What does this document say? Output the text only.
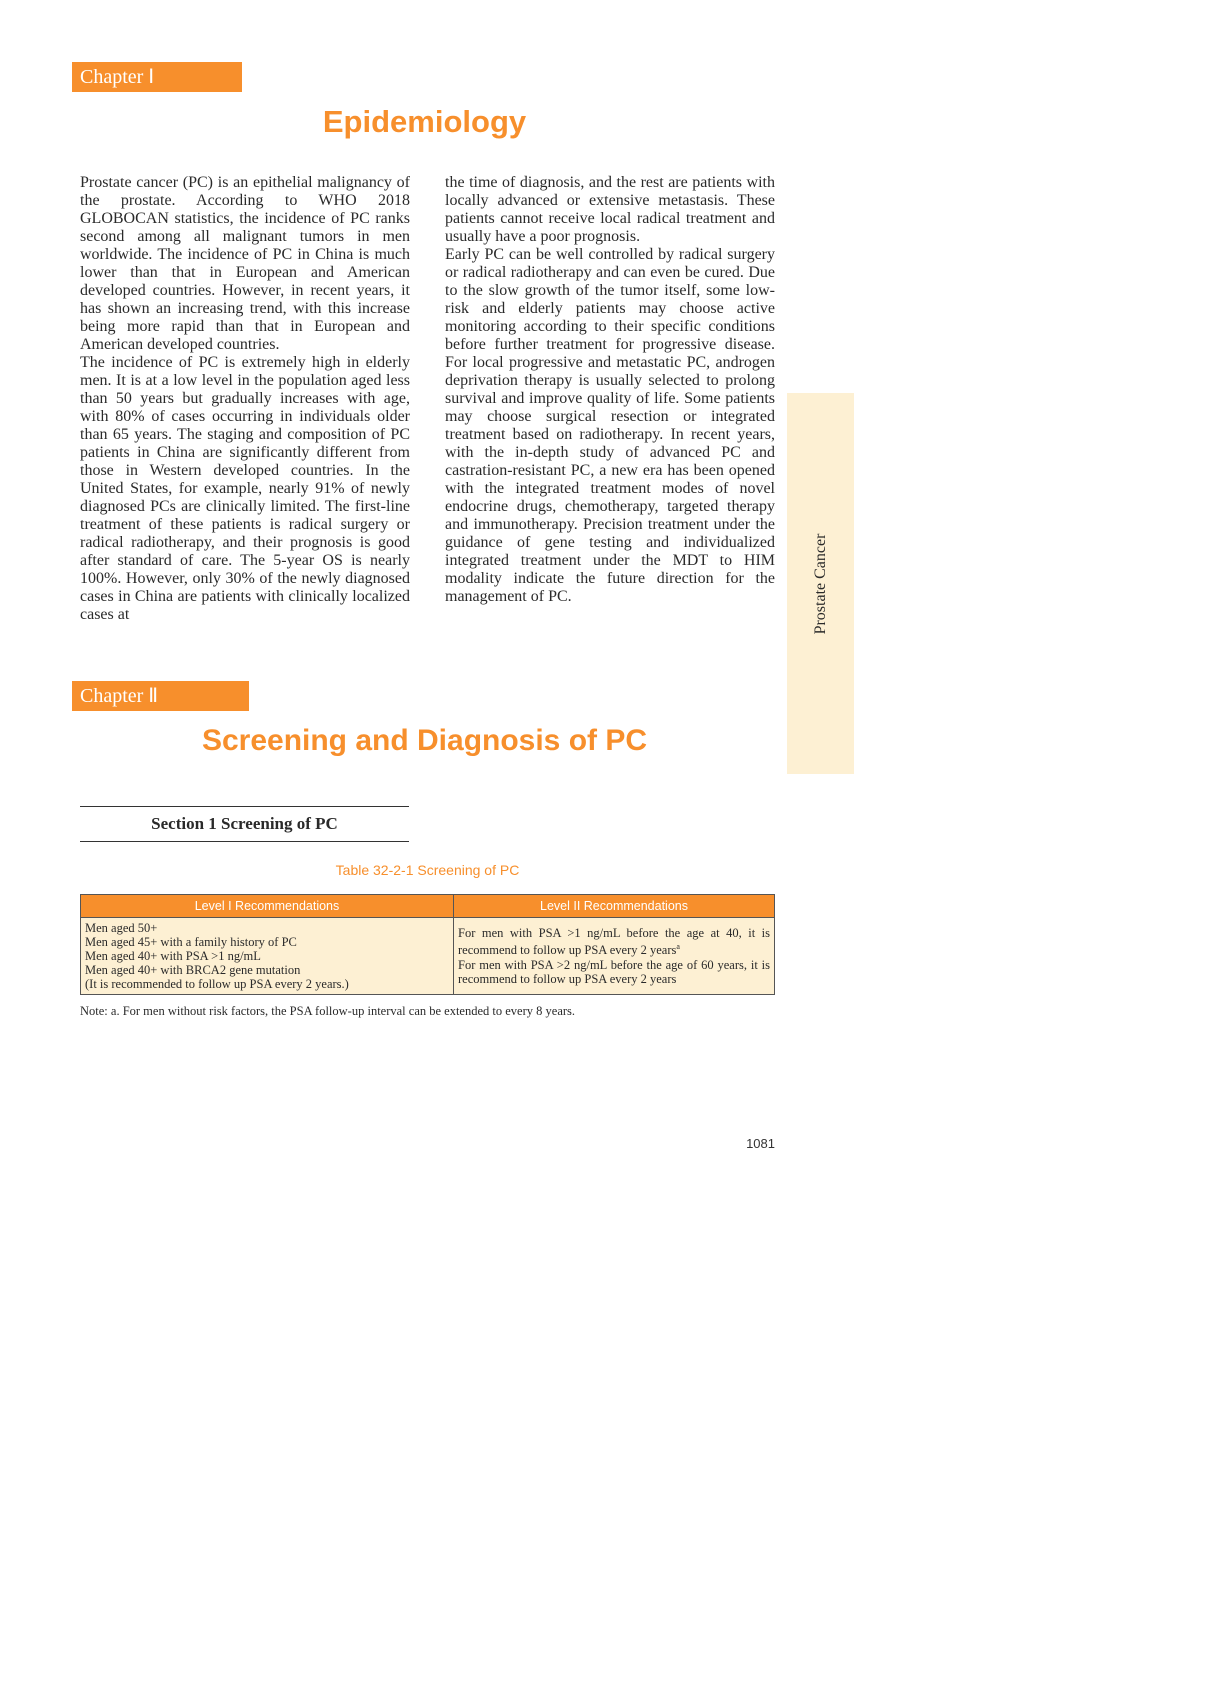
Chapter Ⅰ
Epidemiology

Prostate cancer (PC) is an epithelial malignancy of the prostate. According to WHO 2018 GLOBOCAN statistics, the incidence of PC ranks second among all malignant tumors in men worldwide. The incidence of PC in China is much lower than that in European and American developed countries. However, in recent years, it has shown an increasing trend, with this increase being more rapid than that in European and American developed countries.

The incidence of PC is extremely high in elderly men. It is at a low level in the population aged less than 50 years but gradually increases with age, with 80% of cases occurring in individuals older than 65 years. The staging and composition of PC patients in China are significantly different from those in Western developed countries. In the United States, for example, nearly 91% of newly diagnosed PCs are clinically limited. The first-line treatment of these patients is radical surgery or radical radiotherapy, and their prognosis is good after standard of care. The 5-year OS is nearly 100%. However, only 30% of the newly diagnosed cases in China are patients with clinically localized cases at

the time of diagnosis, and the rest are patients with locally advanced or extensive metastasis. These patients cannot receive local radical treatment and usually have a poor prognosis.

Early PC can be well controlled by radical surgery or radical radiotherapy and can even be cured. Due to the slow growth of the tumor itself, some low-risk and elderly patients may choose active monitoring according to their specific conditions before further treatment for progressive disease. For local progressive and metastatic PC, androgen deprivation therapy is usually selected to prolong survival and improve quality of life. Some patients may choose surgical resection or integrated treatment based on radiotherapy. In recent years, with the in-depth study of advanced PC and castration-resistant PC, a new era has been opened with the integrated treatment modes of novel endocrine drugs, chemotherapy, targeted therapy and immunotherapy. Precision treatment under the guidance of gene testing and individualized integrated treatment under the MDT to HIM modality indicate the future direction for the management of PC.	Prostate Cancer
Chapter Ⅱ
Screening and Diagnosis of PC
Section 1 Screening of PC
Table 32-2-1 Screening of PC
Level I Recommendations	Level II Recommendations

Men aged 50+
Men aged 45+ with a family history of PC
Men aged 40+ with PSA >1 ng/mL
Men aged 40+ with BRCA2 gene mutation
(It is recommended to follow up PSA every 2 years.)	For men with PSA >1 ng/mL before the age at 40, it is recommend to follow up PSA every 2 years$^a$
For men with PSA >2 ng/mL before the age of 60 years, it is recommend to follow up PSA every 2 years
Note: a. For men without risk factors, the PSA follow-up interval can be extended to every 8 years.
1081
